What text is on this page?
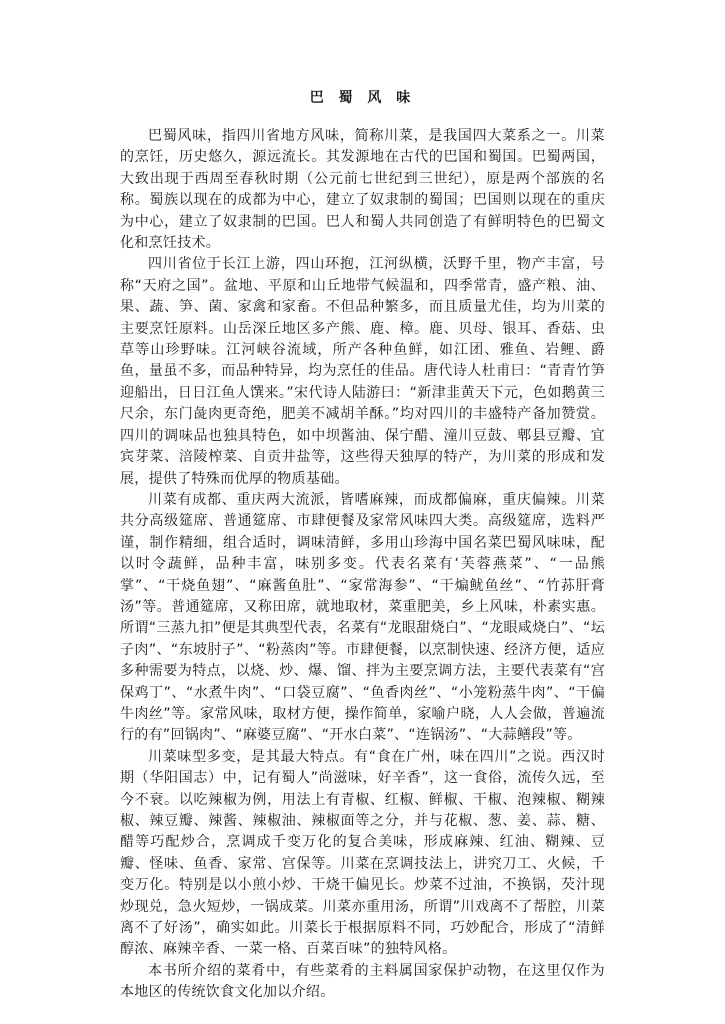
巴 蜀 风 味

巴蜀风味，指四川省地方风味，简称川菜，是我国四大菜系之一。川菜的烹饪，历史悠久，源远流长。其发源地在古代的巴国和蜀国。巴蜀两国，大致出现于西周至春秋时期（公元前七世纪到三世纪），原是两个部族的名称。蜀族以现在的成都为中心，建立了奴隶制的蜀国；巴国则以现在的重庆为中心，建立了奴隶制的巴国。巴人和蜀人共同创造了有鲜明特色的巴蜀文化和烹饪技术。

四川省位于长江上游，四山环抱，江河纵横，沃野千里，物产丰富，号称“天府之国”。盆地、平原和山丘地带气候温和，四季常青，盛产粮、油、果、蔬、笋、菌、家禽和家畜。不但品种繁多，而且质量尤佳，均为川菜的主要烹饪原料。山岳深丘地区多产熊、鹿、樟。鹿、贝母、银耳、香菇、虫草等山珍野味。江河峡谷流域，所产各种鱼鲜，如江团、雅鱼、岩鲤、爵鱼，量虽不多，而品种特异，均为烹任的佳品。唐代诗人杜甫曰：“青青竹笋迎船出，日日江鱼人馔来。”宋代诗人陆游曰：“新津韭黄天下元，色如鹅黄三尺余，东门彘肉更奇绝，肥美不减胡羊酥。”均对四川的丰盛特产备加赞赏。四川的调味品也独具特色，如中坝酱油、保宁醋、潼川豆鼓、郫县豆瓣、宜宾芽菜、涪陵榨菜、自贡井盐等，这些得天独厚的特产，为川菜的形成和发展，提供了特殊而优厚的物质基础。

川菜有成都、重庆两大流派，皆嗜麻辣，而成都偏麻，重庆偏辣。川菜共分高级筵席、普通筵席、市肆便餐及家常风味四大类。高级筵席，选料严谨，制作精细，组合适时，调味清鲜，多用山珍海中国名菜巴蜀风味味，配以时令蔬鲜，品种丰富，味别多变。代表名菜有‘芙蓉燕菜”、“一品熊掌”、“干烧鱼翅”、“麻酱鱼肚”、“家常海参”、“干煸鱿鱼丝”、“竹荪肝膏汤”等。普通筵席，又称田席，就地取材，菜重肥美，乡上风味，朴素实惠。所谓“三蒸九扣”便是其典型代表，名菜有“龙眼甜烧白”、“龙眼咸烧白”、“坛子肉”、“东坡肘子”、“粉蒸肉”等。市肆便餐，以烹制快速、经济方便，适应多种需要为特点，以烧、炒、爆、馏、拌为主要烹调方法，主要代表菜有“宫保鸡丁”、“水煮牛肉”、“口袋豆腐”、“鱼香肉丝”、“小笼粉蒸牛肉”、“干偏牛肉丝”等。家常风味，取材方便，操作简单，家喻户晓，人人会做，普遍流行的有”回锅肉”、“麻婆豆腐”、“开水白菜”、“连锅汤”、“大蒜鳝段”等。

川菜味型多变，是其最大特点。有“食在广州，味在四川”之说。西汉时期（华阳国志）中，记有蜀人”尚滋味，好辛香”，这一食俗，流传久远，至今不衰。以吃辣椒为例，用法上有青椒、红椒、鲜椒、干椒、泡辣椒、糊辣椒、辣豆瓣、辣酱、辣椒油、辣椒面等之分，并与花椒、葱、姜、蒜、糖、醋等巧配炒合，烹调成千变万化的复合美味，形成麻辣、红油、糊辣、豆瓣、怪味、鱼香、家常、宫保等。川菜在烹调技法上，讲究刀工、火候，千变万化。特别是以小煎小炒、干烧干偏见长。炒菜不过油，不换锅，芡汁现炒现兑，急火短炒，一锅成菜。川菜亦重用汤，所谓”川戏离不了帮腔，川菜离不了好汤”，确实如此。川菜长于根据原料不同，巧妙配合，形成了“清鲜醇浓、麻辣辛香、一菜一格、百菜百味”的独特风格。

本书所介绍的菜肴中，有些菜肴的主料属国家保护动物，在这里仅作为本地区的传统饮食文化加以介绍。
